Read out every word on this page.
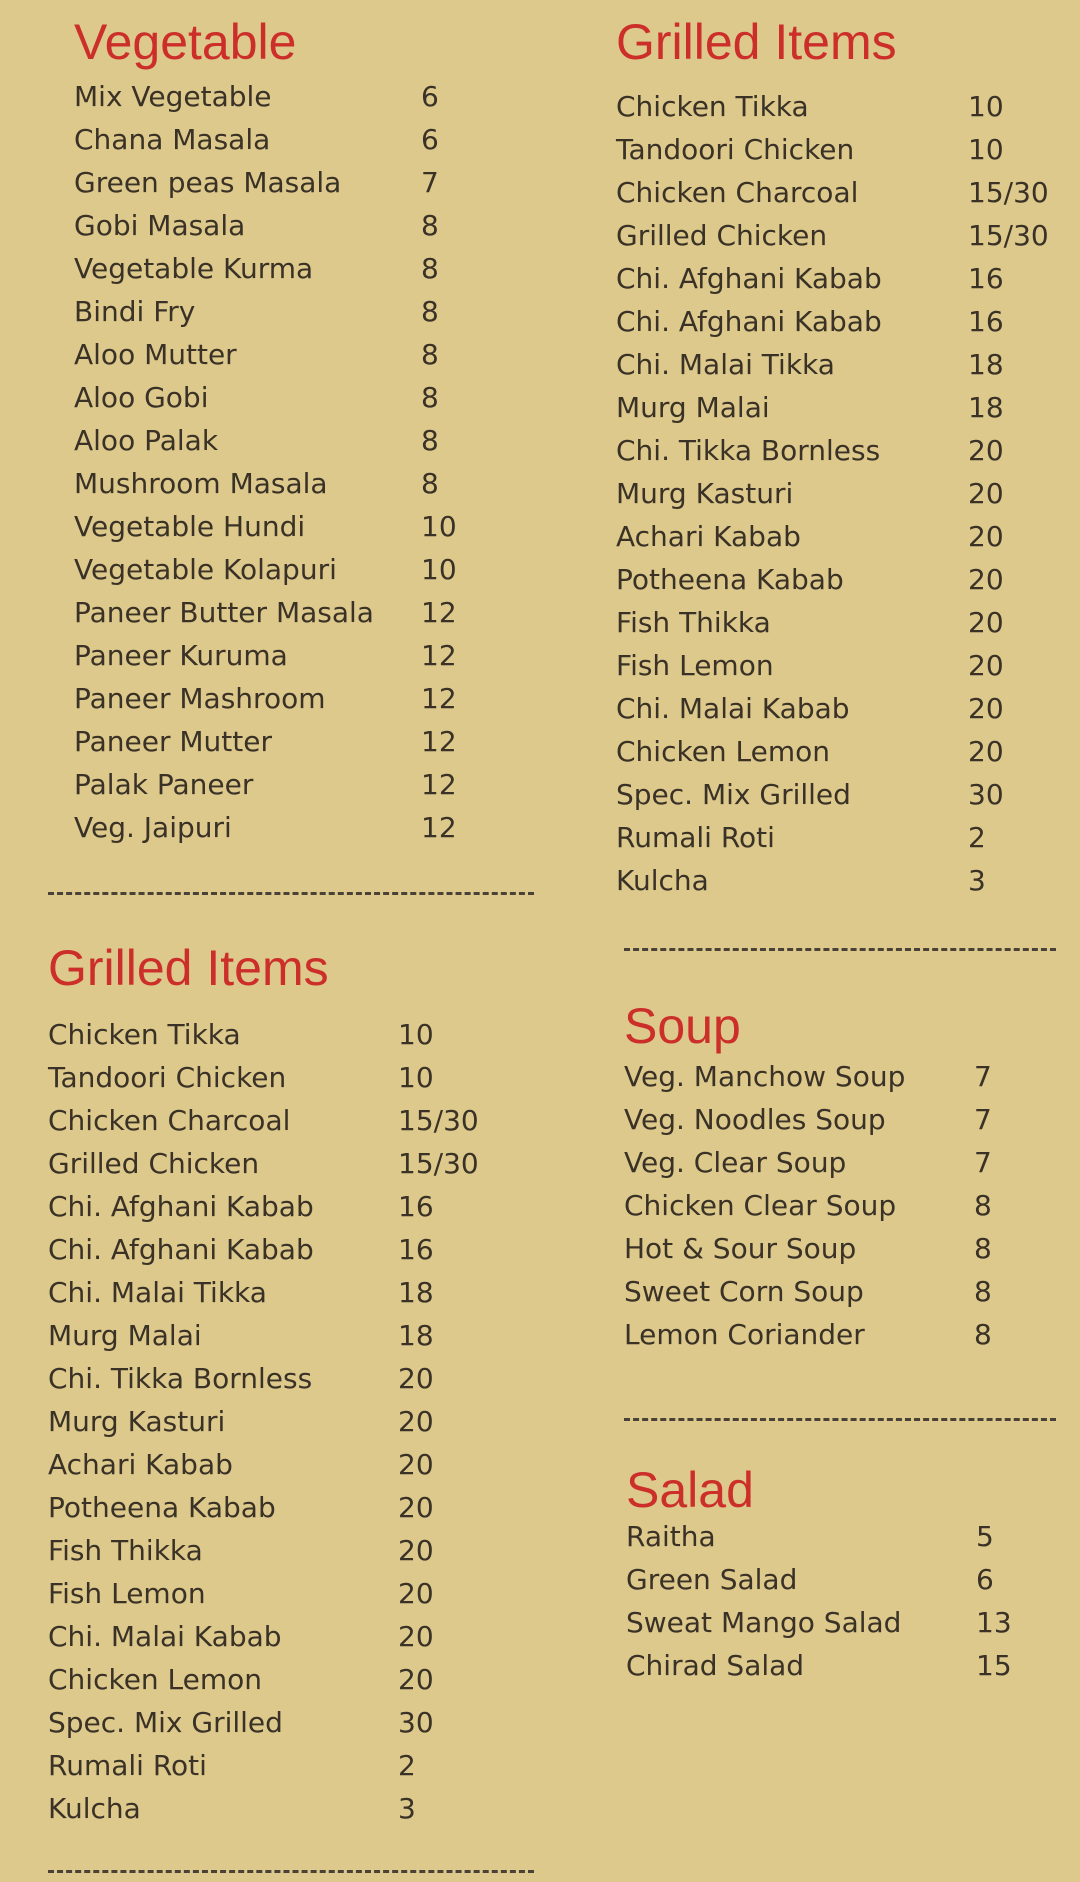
Vegetable
Mix Vegetable	6
Chana Masala	6
Green peas Masala	7
Gobi Masala	8
Vegetable Kurma	8
Bindi Fry	8
Aloo Mutter	8
Aloo Gobi	8
Aloo Palak	8
Mushroom Masala	8
Vegetable Hundi	10
Vegetable Kolapuri	10
Paneer Butter Masala 12
Paneer Kuruma	12
Paneer Mashroom	12
Paneer Mutter	12
Palak Paneer	12
Veg. Jaipuri	12
Grilled Items
Chicken Tikka	10
Tandoori Chicken	10
Chicken Charcoal	15/30
Grilled Chicken	15/30
Chi. Afghani Kabab	16
Chi. Afghani Kabab	16
Chi. Malai Tikka	18
Murg Malai	18
Chi. Tikka Bornless	20
Murg Kasturi	20
Achari Kabab	20
Potheena Kabab	20
Fish Thikka	20
Fish Lemon	20
Chi. Malai Kabab	20
Chicken Lemon	20
Spec. Mix Grilled	30
Rumali Roti	2
Kulcha	3
Grilled Items
Chicken Tikka	10
Tandoori Chicken	10
Chicken Charcoal	15/30
Grilled Chicken	15/30
Chi. Afghani Kabab	16
Chi. Afghani Kabab	16
Chi. Malai Tikka	18
Murg Malai	18
Chi. Tikka Bornless	20
Murg Kasturi	20
Achari Kabab	20
Potheena Kabab	20
Fish Thikka	20
Fish Lemon	20
Chi. Malai Kabab	20
Chicken Lemon	20
Spec. Mix Grilled	30
Rumali Roti	2
Kulcha	3
Soup
Veg. Manchow Soup 7
Veg. Noodles Soup	7
Veg. Clear Soup	7
Chicken Clear Soup	8
Hot & Sour Soup	8
Sweet Corn Soup	8
Lemon Coriander	8
Salad
Raitha	5
Green Salad	6
Sweat Mango Salad	13
Chirad Salad	15
